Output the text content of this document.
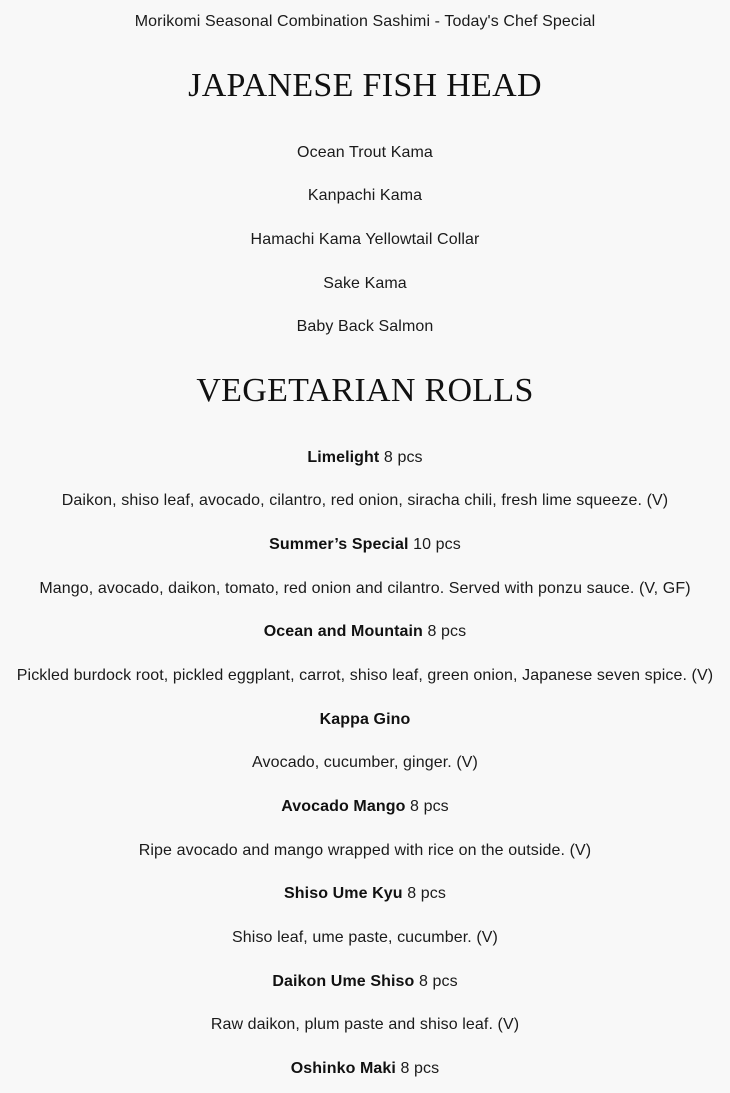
Morikomi Seasonal Combination Sashimi - Today's Chef Special
JAPANESE FISH HEAD
Ocean Trout Kama
Kanpachi Kama
Hamachi Kama Yellowtail Collar
Sake Kama
Baby Back Salmon
VEGETARIAN ROLLS
Limelight 8 pcs
Daikon, shiso leaf, avocado, cilantro, red onion, siracha chili, fresh lime squeeze. (V)
Summer’s Special 10 pcs
Mango, avocado, daikon, tomato, red onion and cilantro. Served with ponzu sauce. (V, GF)
Ocean and Mountain 8 pcs
Pickled burdock root, pickled eggplant, carrot, shiso leaf, green onion, Japanese seven spice. (V)
Kappa Gino
Avocado, cucumber, ginger. (V)
Avocado Mango 8 pcs
Ripe avocado and mango wrapped with rice on the outside. (V)
Shiso Ume Kyu 8 pcs
Shiso leaf, ume paste, cucumber. (V)
Daikon Ume Shiso 8 pcs
Raw daikon, plum paste and shiso leaf. (V)
Oshinko Maki 8 pcs
